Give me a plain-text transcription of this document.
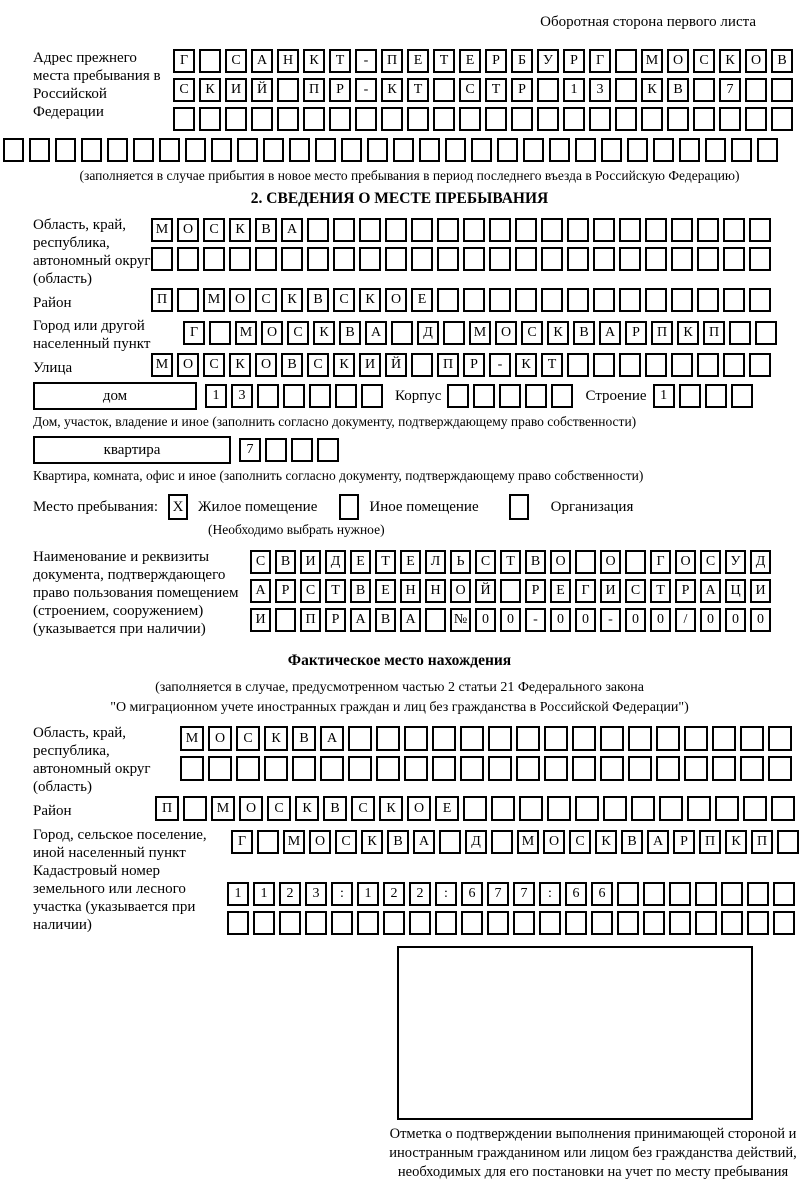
Оборотная сторона первого листа
Адрес прежнего места пребывания в Российской Федерации
Г	С	А	Н	К	Т	-	П	Е	Т	Е	Р	Б	У	Р	Г	М	О	С	К	О	В
С	К	И	Й	П	Р	-	К	Т	С	Т	Р	1	3	К	В	7
(заполняется в случае прибытия в новое место пребывания в период последнего въезда в Российскую Федерацию)
2. СВЕДЕНИЯ О МЕСТЕ ПРЕБЫВАНИЯ
Область, край, республика, автономный округ (область)
М	О	С	К	В	А
Район	П	М	О	С	К	В	С	К	О	Е
Город или другой населенный пункт
Г	М	О	С	К	В	А	Д	М	О	С	К	В	А	Р	П	К	П
Улица	М	О	С	К	О	В	С	К	И	Й	П	Р	-	К	Т
дом	1	3	Корпус	Строение 1
Дом, участок, владение и иное (заполнить согласно документу, подтверждающему право собственности)
квартира	7
Квартира, комната, офис и иное (заполнить согласно документу, подтверждающему право собственности)
Место пребывания: X Жилое помещение	Иное помещение	Организация
(Необходимо выбрать нужное)
Наименование и реквизиты документа, подтверждающего право пользования помещением (строением, сооружением) (указывается при наличии)
С	В	И	Д	Е	Т	Е	Л	Ь	С	Т	В	О	О	Г	О	С	У	Д
А	Р	С	Т	В	Е	Н	Н	О	Й	Р	Е	Г	И	С	Т	Р	А	Ц	И
И	П	Р	А	В	А	№	0	0	-	0	0	-	0	0	/	0	0	0
Фактическое место нахождения
(заполняется в случае, предусмотренном частью 2 статьи 21 Федерального закона
"О миграционном учете иностранных граждан и лиц без гражданства в Российской Федерации")
Область, край, республика, автономный округ (область)
М	О	С	К	В	А
Район	П	М	О	С	К	В	С	К	О	Е
Город, сельское поселение, иной населенный пункт
Г	М	О	С	К	В	А	Д	М	О	С	К	В	А	Р	П	К	П
Кадастровый номер земельного или лесного участка (указывается при наличии)
1	1	2	3	:	1	2	2	:	6	7	7	:	6	6
Отметка о подтверждении выполнения принимающей стороной и иностранным гражданином или лицом без гражданства действий, необходимых для его постановки на учет по месту пребывания
